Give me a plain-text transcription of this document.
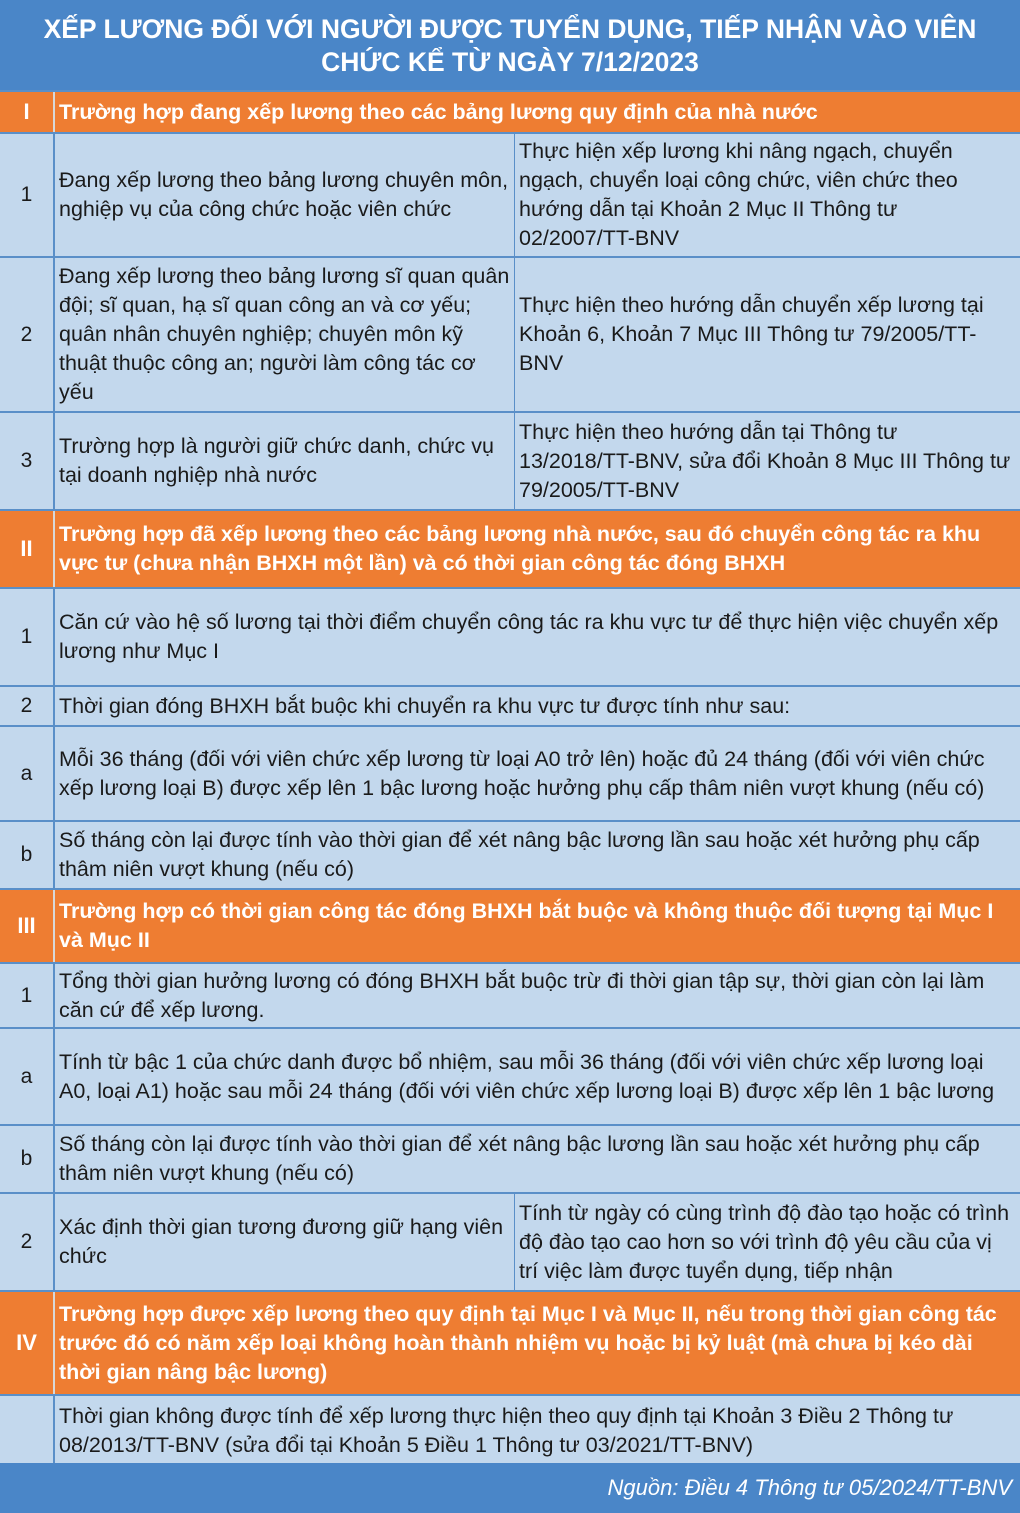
XẾP LƯƠNG ĐỐI VỚI NGƯỜI ĐƯỢC TUYỂN DỤNG, TIẾP NHẬN VÀO VIÊN
CHỨC KỂ TỪ NGÀY 7/12/2023
I	Trường hợp đang xếp lương theo các bảng lương quy định của nhà nước
1
Đang xếp lương theo bảng lương chuyên môn, nghiệp vụ của công chức hoặc viên chức
Thực hiện xếp lương khi nâng ngạch, chuyển ngạch, chuyển loại công chức, viên chức theo hướng dẫn tại Khoản 2 Mục II Thông tư 02/2007/TT-BNV
2
Đang xếp lương theo bảng lương sĩ quan quân đội; sĩ quan, hạ sĩ quan công an và cơ yếu; quân nhân chuyên nghiệp; chuyên môn kỹ thuật thuộc công an; người làm công tác cơ yếu
Thực hiện theo hướng dẫn chuyển xếp lương tại Khoản 6, Khoản 7 Mục III Thông tư 79/2005/TT-BNV
3
Trường hợp là người giữ chức danh, chức vụ tại doanh nghiệp nhà nước
Thực hiện theo hướng dẫn tại Thông tư 13/2018/TT-BNV, sửa đổi Khoản 8 Mục III Thông tư 79/2005/TT-BNV
II
Trường hợp đã xếp lương theo các bảng lương nhà nước, sau đó chuyển công tác ra khu vực tư (chưa nhận BHXH một lần) và có thời gian công tác đóng BHXH
1
Căn cứ vào hệ số lương tại thời điểm chuyển công tác ra khu vực tư để thực hiện việc chuyển xếp lương như Mục I
2	Thời gian đóng BHXH bắt buộc khi chuyển ra khu vực tư được tính như sau:
a
Mỗi 36 tháng (đối với viên chức xếp lương từ loại A0 trở lên) hoặc đủ 24 tháng (đối với viên chức xếp lương loại B) được xếp lên 1 bậc lương hoặc hưởng phụ cấp thâm niên vượt khung (nếu có)
b
Số tháng còn lại được tính vào thời gian để xét nâng bậc lương lần sau hoặc xét hưởng phụ cấp thâm niên vượt khung (nếu có)
III
Trường hợp có thời gian công tác đóng BHXH bắt buộc và không thuộc đối tượng tại Mục I và Mục II
1
Tổng thời gian hưởng lương có đóng BHXH bắt buộc trừ đi thời gian tập sự, thời gian còn lại làm căn cứ để xếp lương.
a
Tính từ bậc 1 của chức danh được bổ nhiệm, sau mỗi 36 tháng (đối với viên chức xếp lương loại A0, loại A1) hoặc sau mỗi 24 tháng (đối với viên chức xếp lương loại B) được xếp lên 1 bậc lương
b
Số tháng còn lại được tính vào thời gian để xét nâng bậc lương lần sau hoặc xét hưởng phụ cấp thâm niên vượt khung (nếu có)
2
Xác định thời gian tương đương giữ hạng viên chức
Tính từ ngày có cùng trình độ đào tạo hoặc có trình độ đào tạo cao hơn so với trình độ yêu cầu của vị trí việc làm được tuyển dụng, tiếp nhận
IV
Trường hợp được xếp lương theo quy định tại Mục I và Mục II, nếu trong thời gian công tác trước đó có năm xếp loại không hoàn thành nhiệm vụ hoặc bị kỷ luật (mà chưa bị kéo dài thời gian nâng bậc lương)
Thời gian không được tính để xếp lương thực hiện theo quy định tại Khoản 3 Điều 2 Thông tư 08/2013/TT-BNV (sửa đổi tại Khoản 5 Điều 1 Thông tư 03/2021/TT-BNV)
Nguồn: Điều 4 Thông tư 05/2024/TT-BNV
